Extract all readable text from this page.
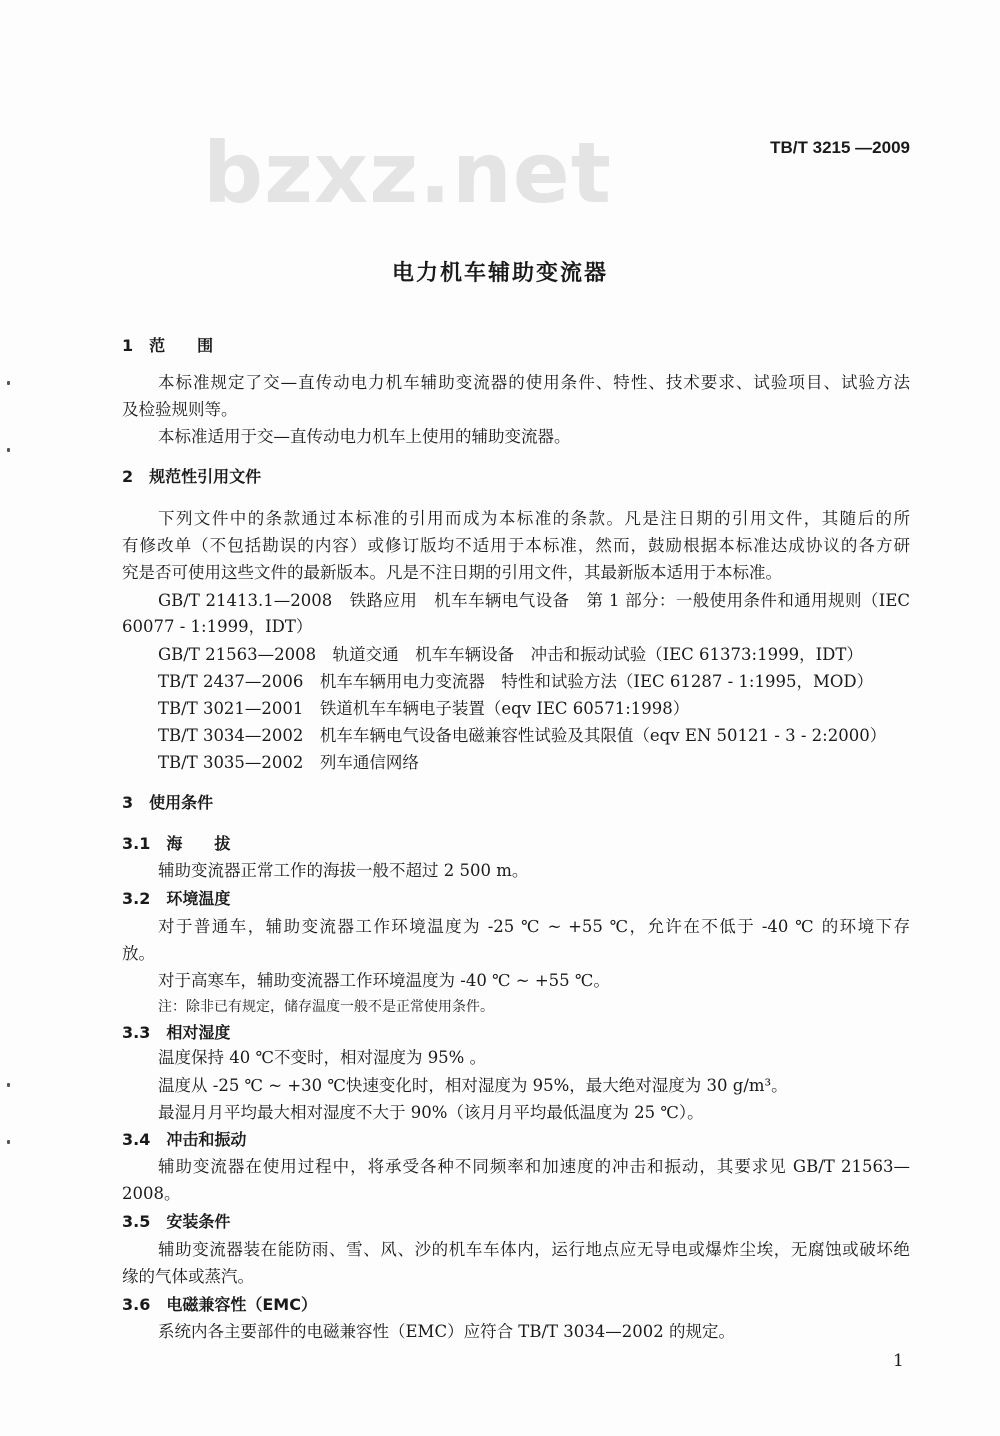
bzxz.net	TB/T 3215 —2009
电力机车辅助变流器
1　范　　围
本标准规定了交—直传动电力机车辅助变流器的使用条件、特性、技术要求、试验项目、试验方法
及检验规则等。
本标准适用于交—直传动电力机车上使用的辅助变流器。
2　规范性引用文件
下列文件中的条款通过本标准的引用而成为本标准的条款。凡是注日期的引用文件，其随后的所
有修改单（不包括勘误的内容）或修订版均不适用于本标准，然而，鼓励根据本标准达成协议的各方研
究是否可使用这些文件的最新版本。凡是不注日期的引用文件，其最新版本适用于本标准。
GB/T 21413.1—2008　铁路应用　机车车辆电气设备　第 1 部分：一般使用条件和通用规则（IEC
60077 - 1:1999，IDT）
GB/T 21563—2008　轨道交通　机车车辆设备　冲击和振动试验（IEC 61373:1999，IDT）
TB/T 2437—2006　机车车辆用电力变流器　特性和试验方法（IEC 61287 - 1:1995，MOD）
TB/T 3021—2001　铁道机车车辆电子装置（eqv IEC 60571:1998）
TB/T 3034—2002　机车车辆电气设备电磁兼容性试验及其限值（eqv EN 50121 - 3 - 2:2000）
TB/T 3035—2002　列车通信网络
3　使用条件
3.1　海　　拔
辅助变流器正常工作的海拔一般不超过 2 500 m。
3.2　环境温度
对于普通车，辅助变流器工作环境温度为 -25 ℃ ~ +55 ℃，允许在不低于 -40 ℃ 的环境下存
放。
对于高寒车，辅助变流器工作环境温度为 -40 ℃ ~ +55 ℃。
注：除非已有规定，储存温度一般不是正常使用条件。
3.3　相对湿度
温度保持 40 ℃不变时，相对湿度为 95% 。
温度从 -25 ℃ ~ +30 ℃快速变化时，相对湿度为 95%，最大绝对湿度为 30 g/m³。
最湿月月平均最大相对湿度不大于 90%（该月月平均最低温度为 25 ℃）。
3.4　冲击和振动
辅助变流器在使用过程中，将承受各种不同频率和加速度的冲击和振动，其要求见 GB/T 21563—
2008。
3.5　安装条件
辅助变流器装在能防雨、雪、风、沙的机车车体内，运行地点应无导电或爆炸尘埃，无腐蚀或破坏绝
缘的气体或蒸汽。
3.6　电磁兼容性（EMC）
系统内各主要部件的电磁兼容性（EMC）应符合 TB/T 3034—2002 的规定。
1
